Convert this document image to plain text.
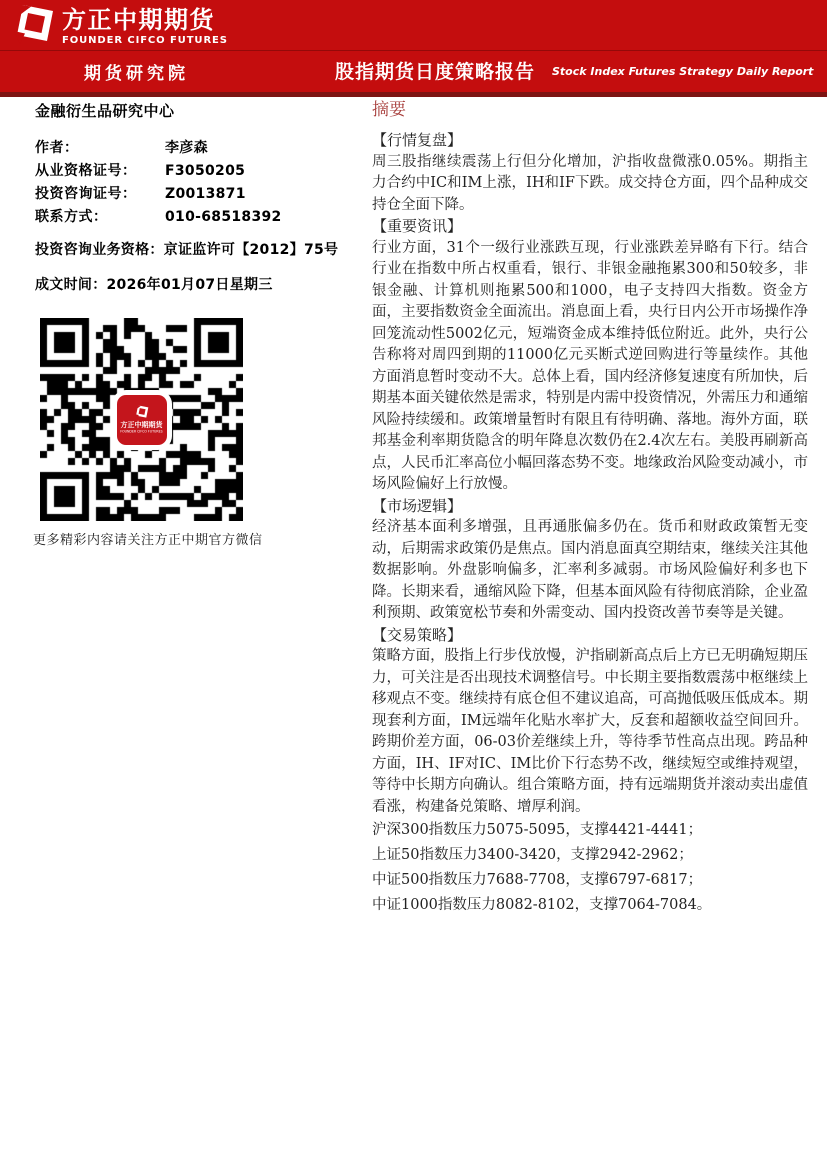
方正中期期货
FOUNDER CIFCO FUTURES
期货研究院	股指期货日度策略报告 Stock Index Futures Strategy Daily Report
金融衍生品研究中心
作者：	李彦森
从业资格证号：	F3050205
投资咨询证号：	Z0013871
联系方式：	010-68518392
投资咨询业务资格：京证监许可【2012】75号
成文时间：2026年01月07日星期三
方正中期期货
FOUNDER CIFCO FUTURES
更多精彩内容请关注方正中期官方微信
摘要
【行情复盘】

周三股指继续震荡上行但分化增加，沪指收盘微涨0.05%。期指主力合约中IC和IM上涨，IH和IF下跌。成交持仓方面，四个品种成交持仓全面下降。

【重要资讯】

行业方面，31个一级行业涨跌互现，行业涨跌差异略有下行。结合行业在指数中所占权重看，银行、非银金融拖累300和50较多，非银金融、计算机则拖累500和1000，电子支持四大指数。资金方面，主要指数资金全面流出。消息面上看，央行日内公开市场操作净回笼流动性5002亿元，短端资金成本维持低位附近。此外，央行公告称将对周四到期的11000亿元买断式逆回购进行等量续作。其他方面消息暂时变动不大。总体上看，国内经济修复速度有所加快，后期基本面关键依然是需求，特别是内需中投资情况，外需压力和通缩风险持续缓和。政策增量暂时有限且有待明确、落地。海外方面，联邦基金利率期货隐含的明年降息次数仍在2.4次左右。美股再刷新高点，人民币汇率高位小幅回落态势不变。地缘政治风险变动减小，市场风险偏好上行放慢。

【市场逻辑】

经济基本面利多增强，且再通胀偏多仍在。货币和财政政策暂无变动，后期需求政策仍是焦点。国内消息面真空期结束，继续关注其他数据影响。外盘影响偏多，汇率利多减弱。市场风险偏好利多也下降。长期来看，通缩风险下降，但基本面风险有待彻底消除，企业盈利预期、政策宽松节奏和外需变动、国内投资改善节奏等是关键。

【交易策略】

策略方面，股指上行步伐放慢，沪指刷新高点后上方已无明确短期压力，可关注是否出现技术调整信号。中长期主要指数震荡中枢继续上移观点不变。继续持有底仓但不建议追高，可高抛低吸压低成本。期现套利方面，IM远端年化贴水率扩大，反套和超额收益空间回升。跨期价差方面，06-03价差继续上升，等待季节性高点出现。跨品种方面，IH、IF对IC、IM比价下行态势不改，继续短空或维持观望，等待中长期方向确认。组合策略方面，持有远端期货并滚动卖出虚值看涨，构建备兑策略、增厚利润。

沪深300指数压力5075-5095，支撑4421-4441；

上证50指数压力3400-3420，支撑2942-2962；

中证500指数压力7688-7708，支撑6797-6817；

中证1000指数压力8082-8102，支撑7064-7084。
